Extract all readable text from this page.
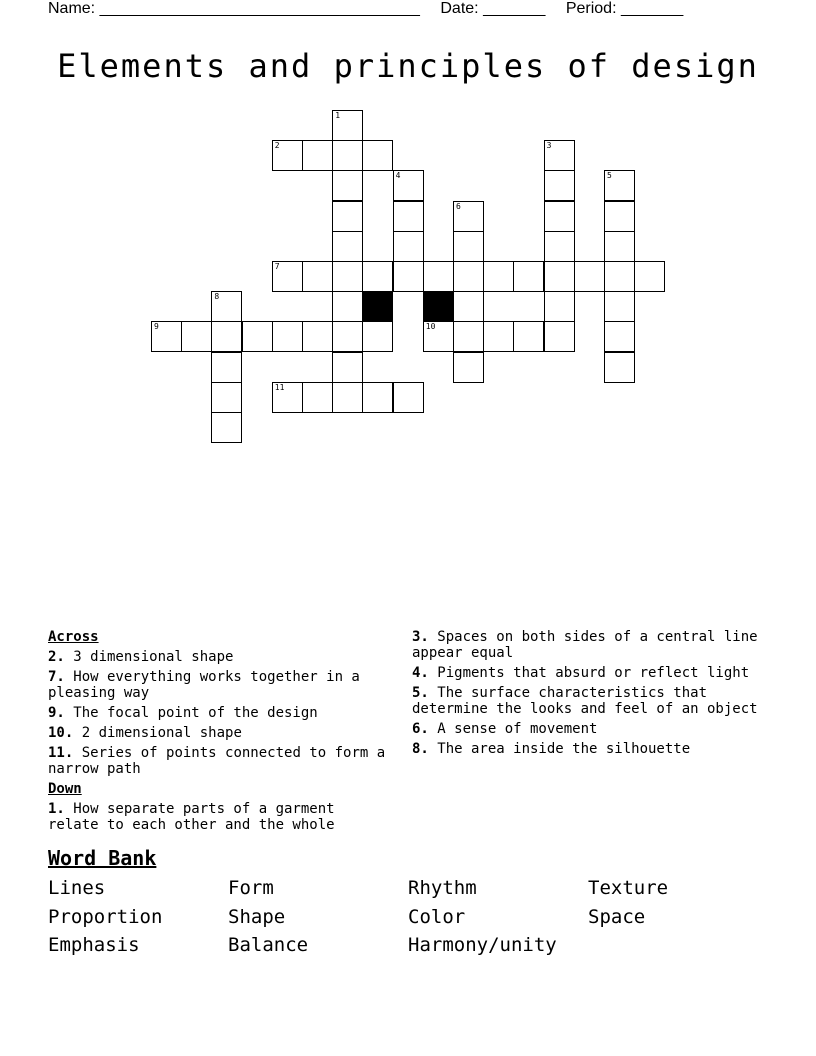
Name: ____________________________________ Date: _______ Period: _______
Elements and principles of design
1
2	3
4	5
6
7
8
9	10
11
Across
2. 3 dimensional shape
7. How everything works together in a pleasing way
9. The focal point of the design
10. 2 dimensional shape
11. Series of points connected to form a narrow path
Down
1. How separate parts of a garment relate to each other and the whole
3. Spaces on both sides of a central line appear equal
4. Pigments that absurd or reflect light
5. The surface characteristics that determine the looks and feel of an object
6. A sense of movement
8. The area inside the silhouette
Word Bank
Lines	Form	Rhythm	Texture
Proportion	Shape	Color	Space
Emphasis	Balance	Harmony/unity
